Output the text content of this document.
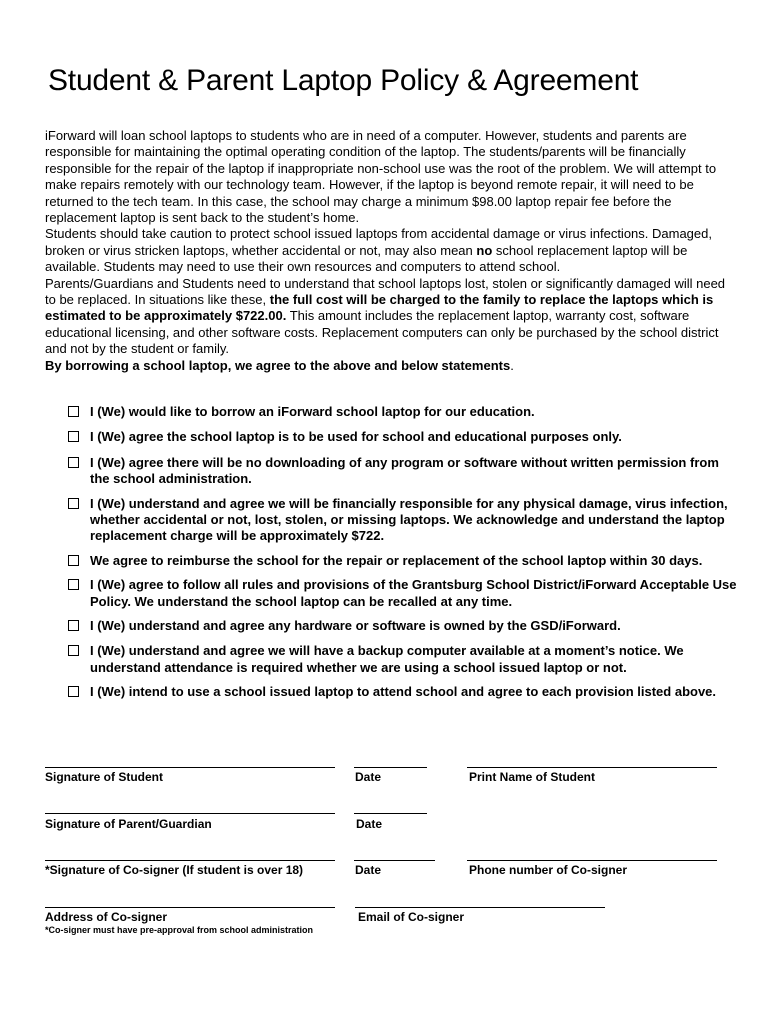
Student & Parent Laptop Policy & Agreement

iForward will loan school laptops to students who are in need of a computer. However, students and parents are responsible for maintaining the optimal operating condition of the laptop. The students/parents will be financially responsible for the repair of the laptop if inappropriate non-school use was the root of the problem. We will attempt to make repairs remotely with our technology team. However, if the laptop is beyond remote repair, it will need to be returned to the tech team. In this case, the school may charge a minimum $98.00 laptop repair fee before the replacement laptop is sent back to the student’s home.

Students should take caution to protect school issued laptops from accidental damage or virus infections. Damaged, broken or virus stricken laptops, whether accidental or not, may also mean no school replacement laptop will be available. Students may need to use their own resources and computers to attend school.

Parents/Guardians and Students need to understand that school laptops lost, stolen or significantly damaged will need to be replaced. In situations like these, the full cost will be charged to the family to replace the laptops which is estimated to be approximately $722.00. This amount includes the replacement laptop, warranty cost, software educational licensing, and other software costs. Replacement computers can only be purchased by the school district and not by the student or family.

By borrowing a school laptop, we agree to the above and below statements.

I (We) would like to borrow an iForward school laptop for our education.
I (We) agree the school laptop is to be used for school and educational purposes only.
I (We) agree there will be no downloading of any program or software without written permission from the school administration.
I (We) understand and agree we will be financially responsible for any physical damage, virus infection, whether accidental or not, lost, stolen, or missing laptops. We acknowledge and understand the laptop replacement charge will be approximately $722.
We agree to reimburse the school for the repair or replacement of the school laptop within 30 days.
I (We) agree to follow all rules and provisions of the Grantsburg School District/iForward Acceptable Use Policy. We understand the school laptop can be recalled at any time.
I (We) understand and agree any hardware or software is owned by the GSD/iForward.
I (We) understand and agree we will have a backup computer available at a moment’s notice. We understand attendance is required whether we are using a school issued laptop or not.
I (We) intend to use a school issued laptop to attend school and agree to each provision listed above.
Signature of Student	Date	Print Name of Student
Signature of Parent/Guardian	Date
*Signature of Co-signer (If student is over 18)	Date	Phone number of Co-signer
Address of Co-signer	Email of Co-signer
*Co-signer must have pre-approval from school administration
